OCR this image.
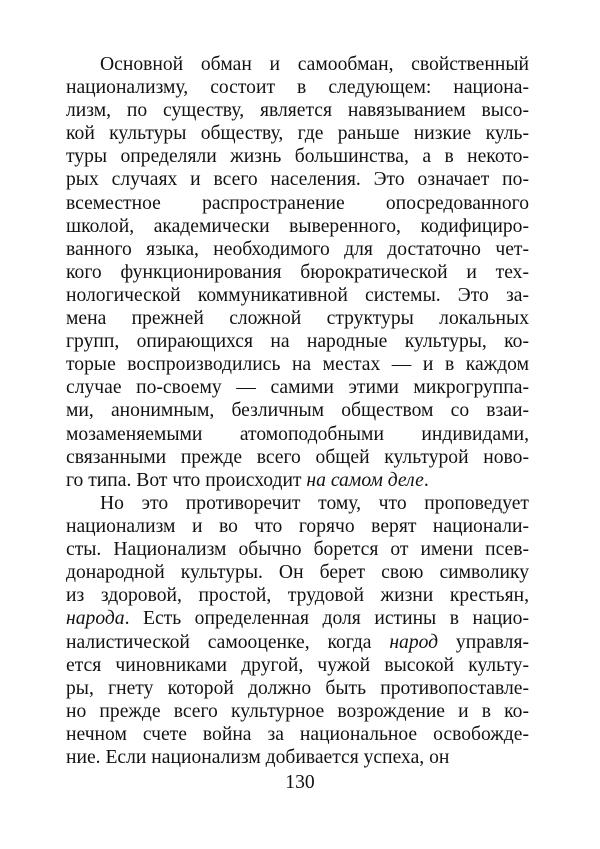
Основной обман и самообман, свойственный
национализму, состоит в следующем: национа-
лизм, по существу, является навязыванием высо-
кой культуры обществу, где раньше низкие куль-
туры определяли жизнь большинства, а в некото-
рых случаях и всего населения. Это означает по-
всеместное распространение опосредованного
школой, академически выверенного, кодифициро-
ванного языка, необходимого для достаточно чет-
кого функционирования бюрократической и тех-
нологической коммуникативной системы. Это за-
мена прежней сложной структуры локальных
групп, опирающихся на народные культуры, ко-
торые воспроизводились на местах — и в каждом
случае по-своему — самими этими микрогруппа-
ми, анонимным, безличным обществом со взаи-
мозаменяемыми атомоподобными индивидами,
связанными прежде всего общей культурой ново-
го типа. Вот что происходит на самом деле.
Но это противоречит тому, что проповедует
национализм и во что горячо верят национали-
сты. Национализм обычно борется от имени псев-
донародной культуры. Он берет свою символику
из здоровой, простой, трудовой жизни крестьян,
народа. Есть определенная доля истины в нацио-
налистической самооценке, когда народ управля-
ется чиновниками другой, чужой высокой культу-
ры, гнету которой должно быть противопоставле-
но прежде всего культурное возрождение и в ко-
нечном счете война за национальное освобожде-
ние. Если национализм добивается успеха, он
130
